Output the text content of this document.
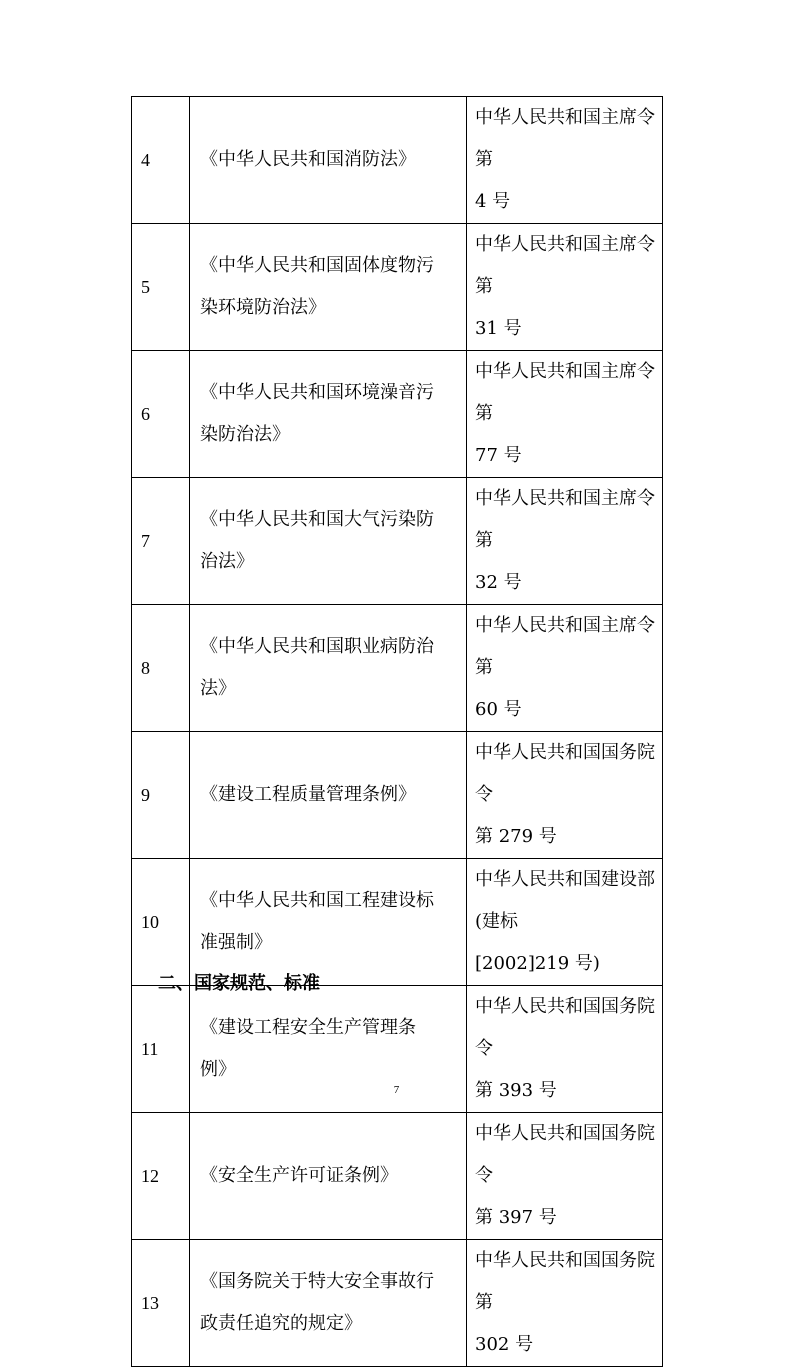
4	《中华人民共和国消防法》	中华人民共和国主席令第
4 号

5	《中华人民共和国固体度物污
染环境防治法》	中华人民共和国主席令第
31 号

6	《中华人民共和国环境澡音污
染防治法》	中华人民共和国主席令第
77 号

7	《中华人民共和国大气污染防
治法》	中华人民共和国主席令第
32 号

8	《中华人民共和国职业病防治
法》	中华人民共和国主席令第
60 号

9	《建设工程质量管理条例》	中华人民共和国国务院令
第 279 号

10	《中华人民共和国工程建设标
准强制》	中华人民共和国建设部
(建标
[2002]219 号)

11	《建设工程安全生产管理条
例》	中华人民共和国国务院令
第 393 号

12	《安全生产许可证条例》	中华人民共和国国务院令
第 397 号

13	《国务院关于特大安全事故行
政责任追究的规定》	中华人民共和国国务院第
302 号
二、国家规范、标准
7
